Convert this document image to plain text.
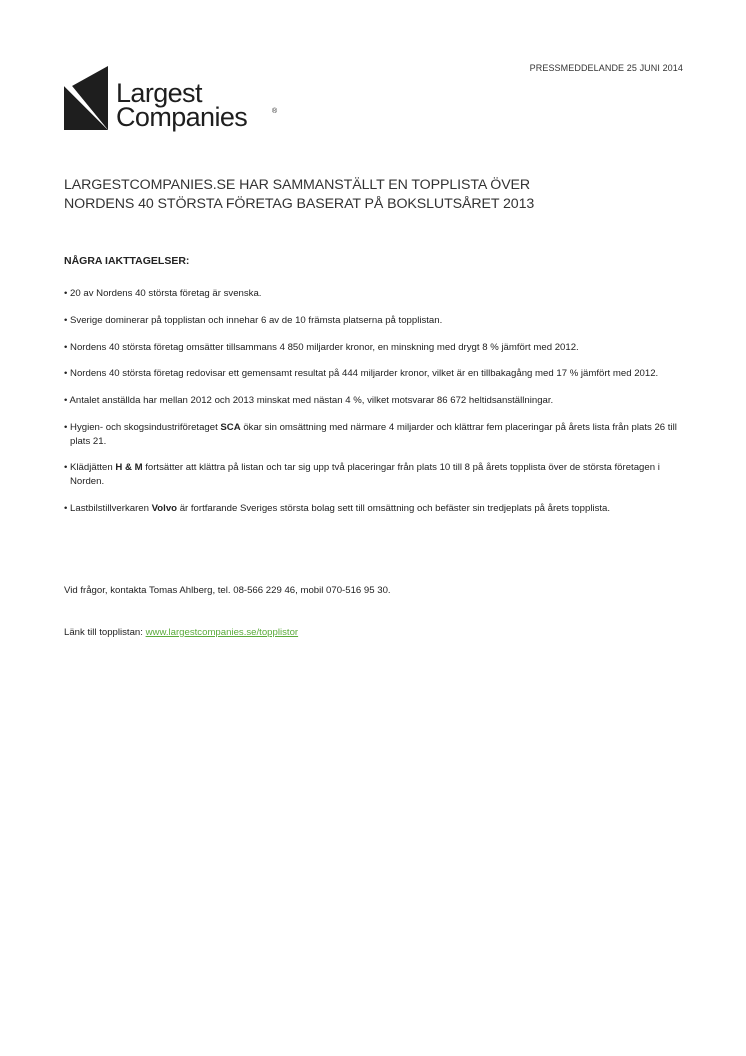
PRESSMEDDELANDE 25 JUNI 2014
Largest
Companies	®
LARGESTCOMPANIES.SE HAR SAMMANSTÄLLT EN TOPPLISTA ÖVER
NORDENS 40 STÖRSTA FÖRETAG BASERAT PÅ BOKSLUTSÅRET 2013
NÅGRA IAKTTAGELSER:
• 20 av Nordens 40 största företag är svenska.
• Sverige dominerar på topplistan och innehar 6 av de 10 främsta platserna på topplistan.
• Nordens 40 största företag omsätter tillsammans 4 850 miljarder kronor, en minskning med drygt 8 % jämfört med 2012.
• Nordens 40 största företag redovisar ett gemensamt resultat på 444 miljarder kronor, vilket är en tillbakagång med 17 % jämfört med 2012.
• Antalet anställda har mellan 2012 och 2013 minskat med nästan 4 %, vilket motsvarar 86 672 heltidsanställningar.
• Hygien- och skogsindustriföretaget SCA ökar sin omsättning med närmare 4 miljarder och klättrar fem placeringar på årets lista från plats 26 till plats 21.
• Klädjätten H & M fortsätter att klättra på listan och tar sig upp två placeringar från plats 10 till 8 på årets topplista över de största företagen i Norden.
• Lastbilstillverkaren Volvo är fortfarande Sveriges största bolag sett till omsättning och befäster sin tredjeplats på årets topplista.
Vid frågor, kontakta Tomas Ahlberg, tel. 08-566 229 46, mobil 070-516 95 30.
Länk till topplistan: www.largestcompanies.se/topplistor
